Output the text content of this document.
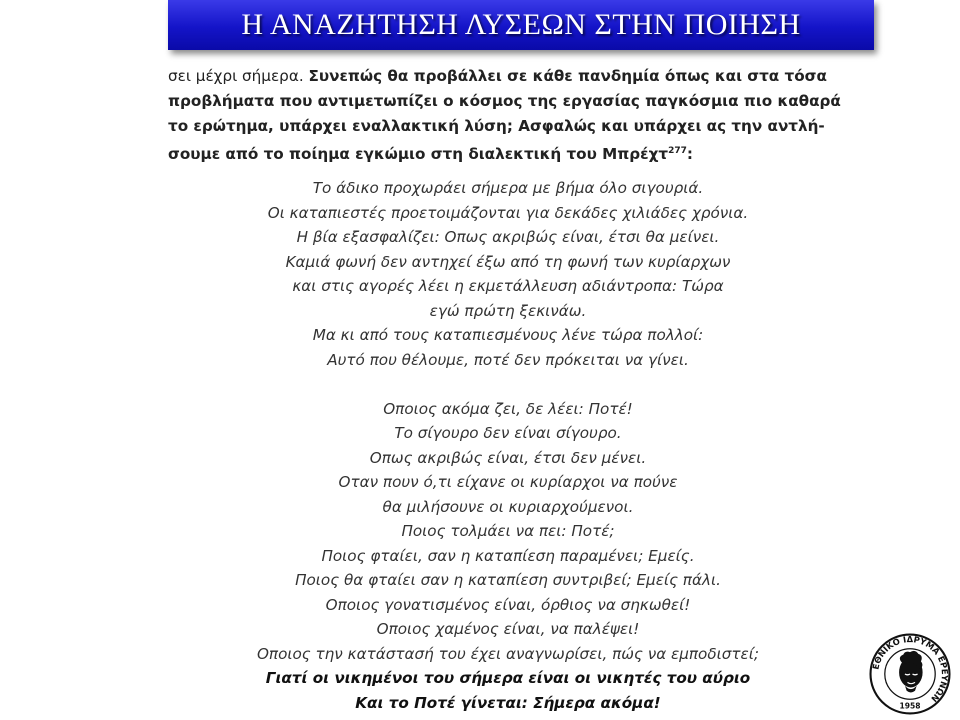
Η ΑΝΑΖΗΤΗΣΗ ΛΥΣΕΩΝ ΣΤΗΝ ΠΟΙΗΣΗ

σει μέχρι σήμερα. Συνεπώς θα προβάλλει σε κάθε πανδημία όπως και στα τόσα

προβλήματα που αντιμετωπίζει ο κόσμος της εργασίας παγκόσμια πιο καθαρά

το ερώτημα, υπάρχει εναλλακτική λύση; Ασφαλώς και υπάρχει ας την αντλή-

σουμε από το ποίημα εγκώμιο στη διαλεκτική του Μπρέχτ$^{277}$:

Το άδικο προχωράει σήμερα με βήμα όλο σιγουριά.
Οι καταπιεστές προετοιμάζονται για δεκάδες χιλιάδες χρόνια.
Η βία εξασφαλίζει: Οπως ακριβώς είναι, έτσι θα μείνει.
Καμιά φωνή δεν αντηχεί έξω από τη φωνή των κυρίαρχων
και στις αγορές λέει η εκμετάλλευση αδιάντροπα: Τώρα
εγώ πρώτη ξεκινάω.
Μα κι από τους καταπιεσμένους λένε τώρα πολλοί:
Αυτό που θέλουμε, ποτέ δεν πρόκειται να γίνει.
Οποιος ακόμα ζει, δε λέει: Ποτέ!
Το σίγουρο δεν είναι σίγουρο.
Οπως ακριβώς είναι, έτσι δεν μένει.
Οταν πουν ό,τι είχανε οι κυρίαρχοι να πούνε
θα μιλήσουνε οι κυριαρχούμενοι.
Ποιος τολμάει να πει: Ποτέ;
Ποιος φταίει, σαν η καταπίεση παραμένει; Εμείς.
Ποιος θα φταίει σαν η καταπίεση συντριβεί; Εμείς πάλι.
Οποιος γονατισμένος είναι, όρθιος να σηκωθεί!
Οποιος χαμένος είναι, να παλέψει!
Οποιος την κατάστασή του έχει αναγνωρίσει, πώς να εμποδιστεί;
Γιατί οι νικημένοι του σήμερα είναι οι νικητές του αύριο
Και το Ποτέ γίνεται: Σήμερα ακόμα!
ΕΘΝΙΚΟ ΙΔΡΥΜΑ ΕΡΕΥΝΩΝ
1958
